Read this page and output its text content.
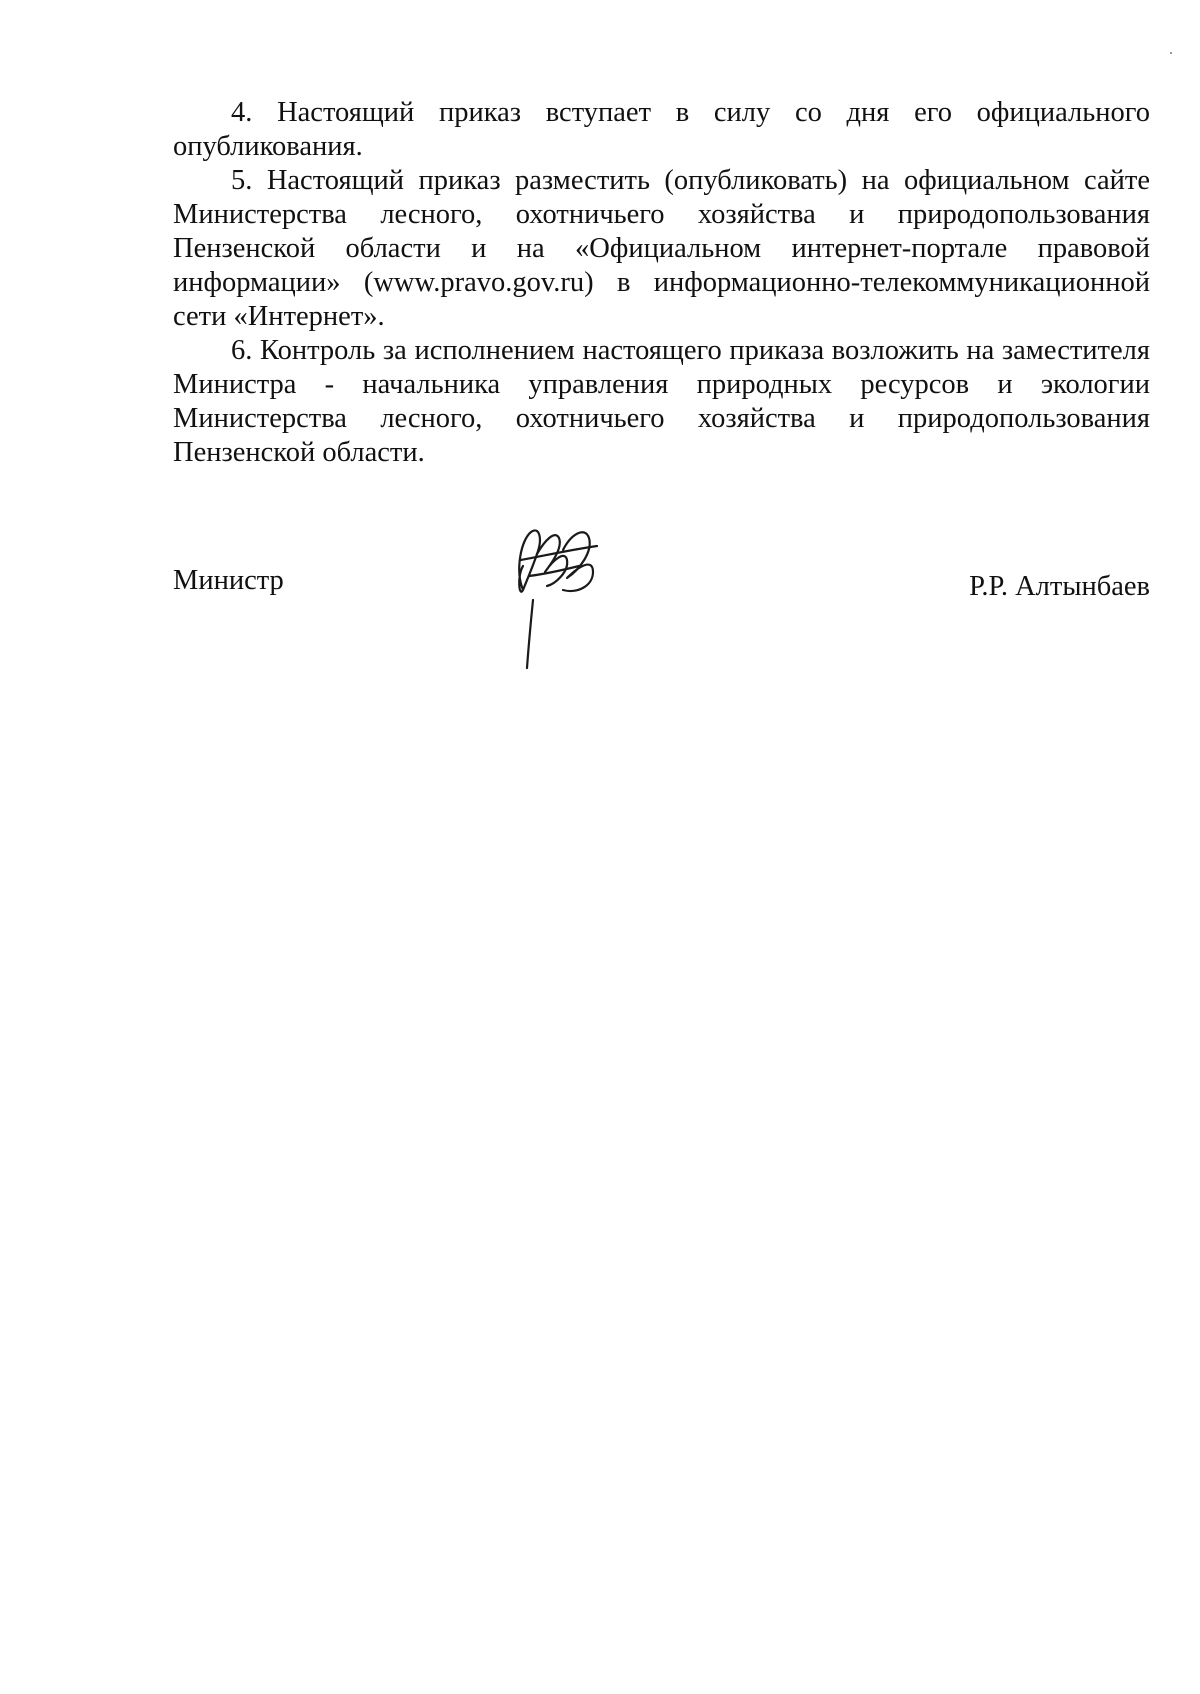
4. Настоящий приказ вступает в силу со дня его официального опубликования.

5. Настоящий приказ разместить (опубликовать) на официальном сайте Министерства лесного, охотничьего хозяйства и природопользования Пензенской области и на «Официальном интернет-портале правовой информации» (www.pravo.gov.ru) в информационно-телекоммуникационной сети «Интернет».

6. Контроль за исполнением настоящего приказа возложить на заместителя Министра - начальника управления природных ресурсов и экологии Министерства лесного, охотничьего хозяйства и природопользования Пензенской области.

Министр	Р.Р. Алтынбаев
